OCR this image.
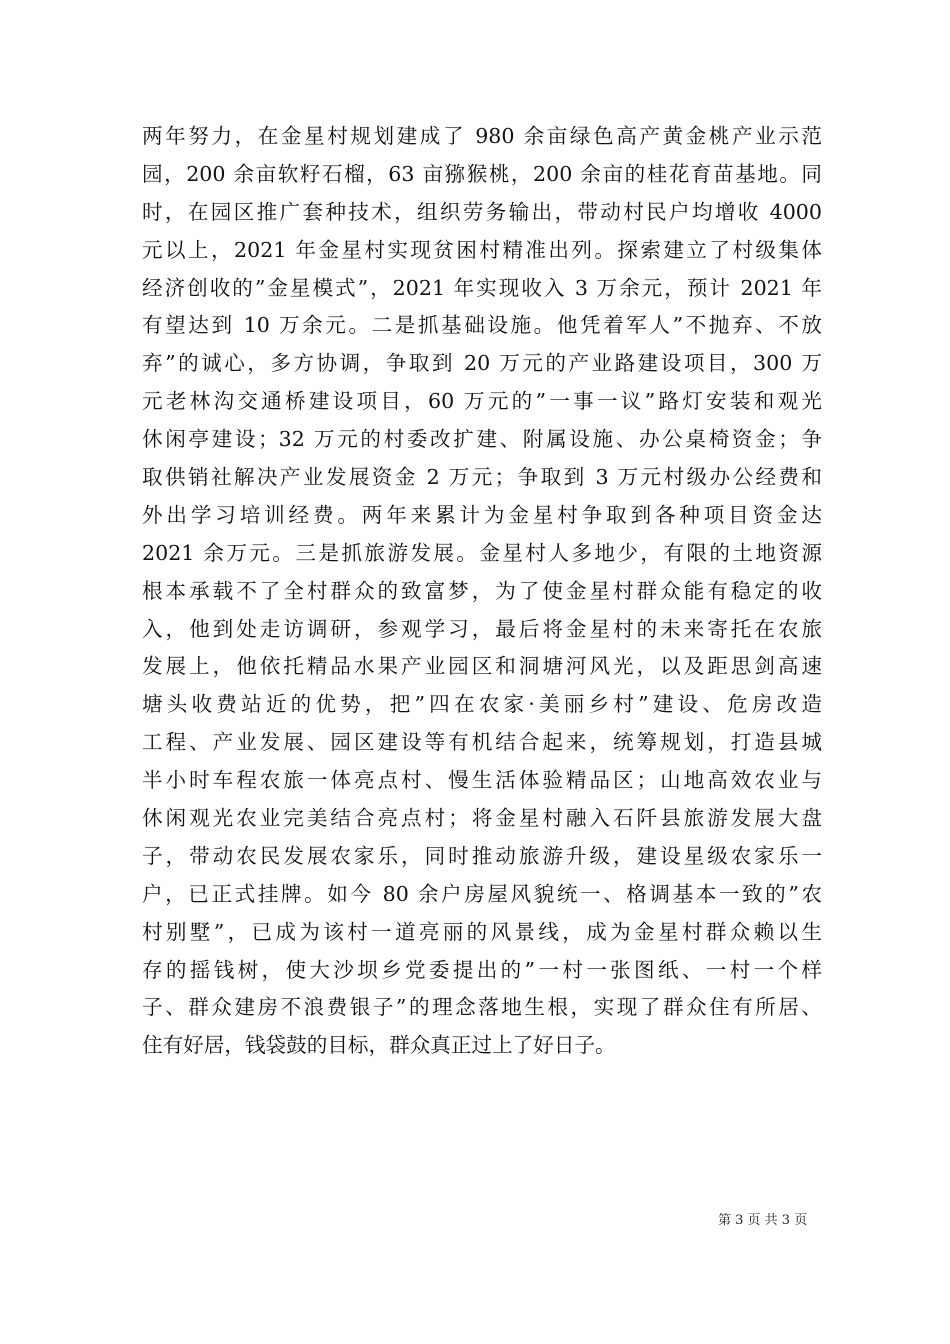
两年努力，在金星村规划建成了 980 余亩绿色高产黄金桃产业示范
园，200 余亩软籽石榴，63 亩猕猴桃，200 余亩的桂花育苗基地。同
时，在园区推广套种技术，组织劳务输出，带动村民户均增收 4000
元以上，2021 年金星村实现贫困村精准出列。探索建立了村级集体
经济创收的”金星模式”，2021 年实现收入 3 万余元，预计 2021 年
有望达到 10 万余元。二是抓基础设施。他凭着军人”不抛弃、不放
弃”的诚心，多方协调，争取到 20 万元的产业路建设项目，300 万
元老林沟交通桥建设项目，60 万元的”一事一议”路灯安装和观光
休闲亭建设；32 万元的村委改扩建、附属设施、办公桌椅资金；争
取供销社解决产业发展资金 2 万元；争取到 3 万元村级办公经费和
外出学习培训经费。两年来累计为金星村争取到各种项目资金达
2021 余万元。三是抓旅游发展。金星村人多地少，有限的土地资源
根本承载不了全村群众的致富梦，为了使金星村群众能有稳定的收
入，他到处走访调研，参观学习，最后将金星村的未来寄托在农旅
发展上，他依托精品水果产业园区和洞塘河风光，以及距思剑高速
塘头收费站近的优势，把”四在农家·美丽乡村”建设、危房改造
工程、产业发展、园区建设等有机结合起来，统筹规划，打造县城
半小时车程农旅一体亮点村、慢生活体验精品区；山地高效农业与
休闲观光农业完美结合亮点村；将金星村融入石阡县旅游发展大盘
子，带动农民发展农家乐，同时推动旅游升级，建设星级农家乐一
户，已正式挂牌。如今 80 余户房屋风貌统一、格调基本一致的”农
村别墅”，已成为该村一道亮丽的风景线，成为金星村群众赖以生
存的摇钱树，使大沙坝乡党委提出的”一村一张图纸、一村一个样
子、群众建房不浪费银子”的理念落地生根，实现了群众住有所居、
住有好居，钱袋鼓的目标，群众真正过上了好日子。
第 3 页 共 3 页
